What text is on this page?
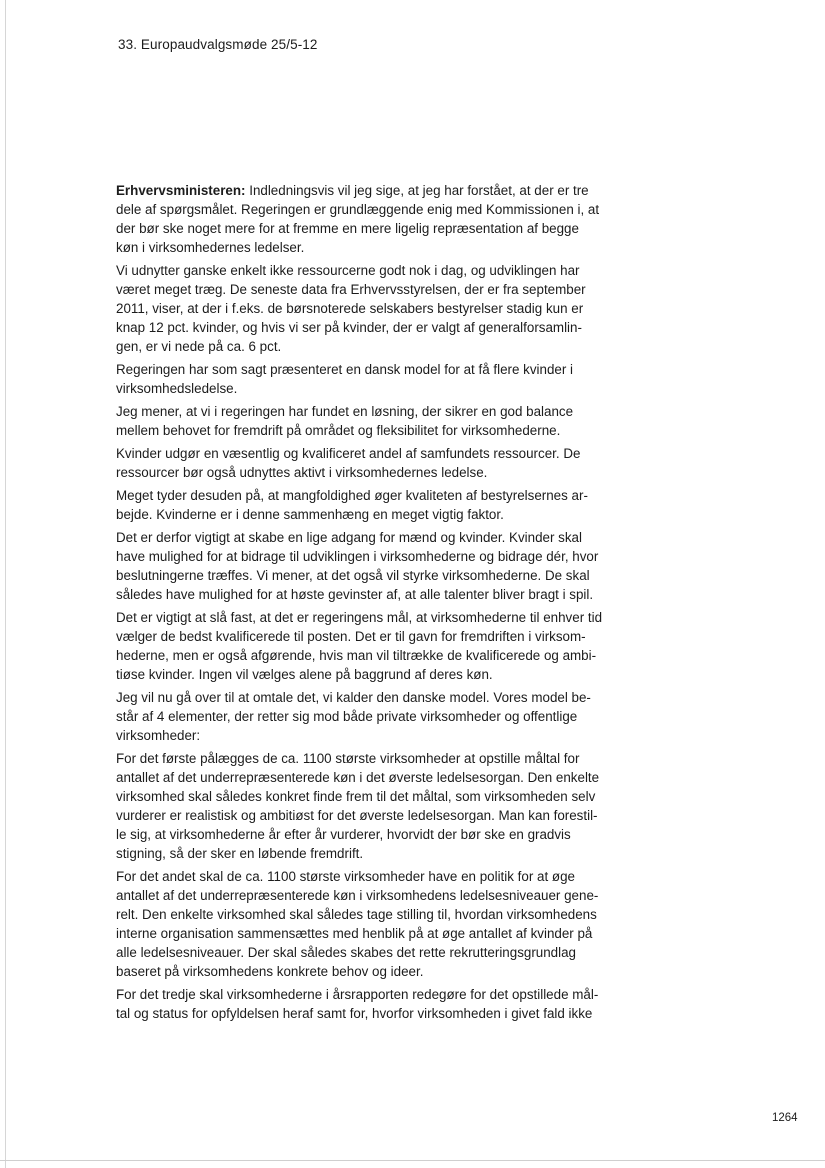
33. Europaudvalgsmøde 25/5-12

Erhvervsministeren: Indledningsvis vil jeg sige, at jeg har forstået, at der er tre
dele af spørgsmålet. Regeringen er grundlæggende enig med Kommissionen i, at
der bør ske noget mere for at fremme en mere ligelig repræsentation af begge
køn i virksomhedernes ledelser.

Vi udnytter ganske enkelt ikke ressourcerne godt nok i dag, og udviklingen har
været meget træg. De seneste data fra Erhvervsstyrelsen, der er fra september
2011, viser, at der i f.eks. de børsnoterede selskabers bestyrelser stadig kun er
knap 12 pct. kvinder, og hvis vi ser på kvinder, der er valgt af generalforsamlin-
gen, er vi nede på ca. 6 pct.

Regeringen har som sagt præsenteret en dansk model for at få flere kvinder i
virksomhedsledelse.

Jeg mener, at vi i regeringen har fundet en løsning, der sikrer en god balance
mellem behovet for fremdrift på området og fleksibilitet for virksomhederne.

Kvinder udgør en væsentlig og kvalificeret andel af samfundets ressourcer. De
ressourcer bør også udnyttes aktivt i virksomhedernes ledelse.

Meget tyder desuden på, at mangfoldighed øger kvaliteten af bestyrelsernes ar-
bejde. Kvinderne er i denne sammenhæng en meget vigtig faktor.

Det er derfor vigtigt at skabe en lige adgang for mænd og kvinder. Kvinder skal
have mulighed for at bidrage til udviklingen i virksomhederne og bidrage dér, hvor
beslutningerne træffes. Vi mener, at det også vil styrke virksomhederne. De skal
således have mulighed for at høste gevinster af, at alle talenter bliver bragt i spil.

Det er vigtigt at slå fast, at det er regeringens mål, at virksomhederne til enhver tid
vælger de bedst kvalificerede til posten. Det er til gavn for fremdriften i virksom-
hederne, men er også afgørende, hvis man vil tiltrække de kvalificerede og ambi-
tiøse kvinder. Ingen vil vælges alene på baggrund af deres køn.

Jeg vil nu gå over til at omtale det, vi kalder den danske model. Vores model be-
står af 4 elementer, der retter sig mod både private virksomheder og offentlige
virksomheder:

For det første pålægges de ca. 1100 største virksomheder at opstille måltal for
antallet af det underrepræsenterede køn i det øverste ledelsesorgan. Den enkelte
virksomhed skal således konkret finde frem til det måltal, som virksomheden selv
vurderer er realistisk og ambitiøst for det øverste ledelsesorgan. Man kan forestil-
le sig, at virksomhederne år efter år vurderer, hvorvidt der bør ske en gradvis
stigning, så der sker en løbende fremdrift.

For det andet skal de ca. 1100 største virksomheder have en politik for at øge
antallet af det underrepræsenterede køn i virksomhedens ledelsesniveauer gene-
relt. Den enkelte virksomhed skal således tage stilling til, hvordan virksomhedens
interne organisation sammensættes med henblik på at øge antallet af kvinder på
alle ledelsesniveauer. Der skal således skabes det rette rekrutteringsgrundlag
baseret på virksomhedens konkrete behov og ideer.

For det tredje skal virksomhederne i årsrapporten redegøre for det opstillede mål-
tal og status for opfyldelsen heraf samt for, hvorfor virksomheden i givet fald ikke

1264
